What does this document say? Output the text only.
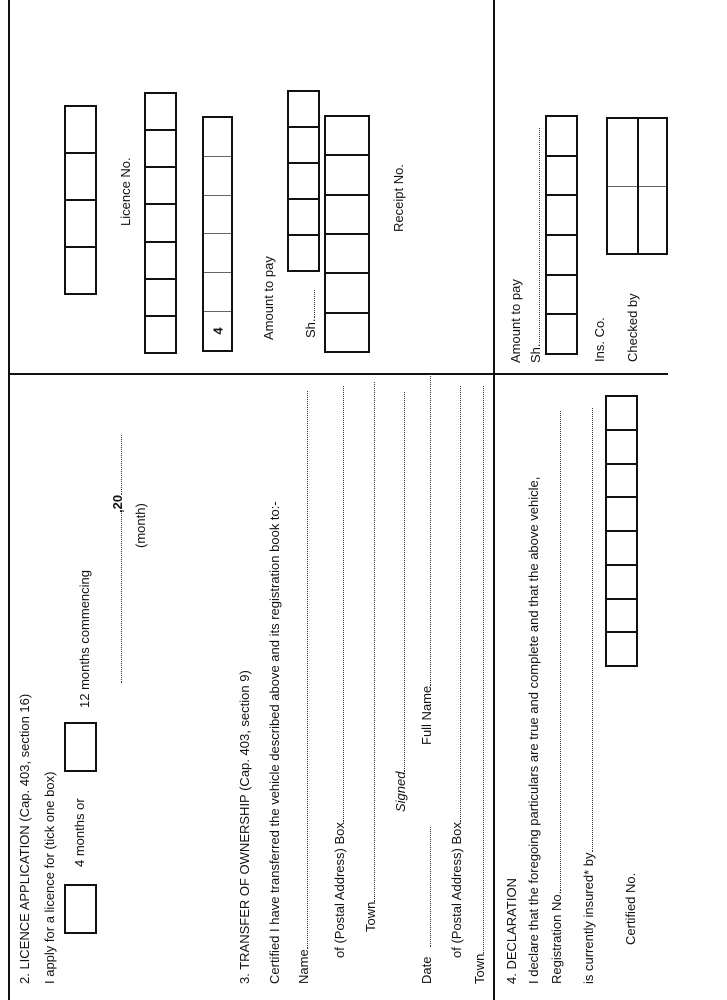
2. LICENCE APPLICATION (Cap. 403, section 16) I apply for a licence for (tick one box) 4 months or
12 months commencing
,20 (month)
3. TRANSFER OF OWNERSHIP (Cap. 403, section 9) Certified I have transferred the vehicle described above and its registration book to:- Name
of (Postal Address) Box Town
Signed
Full Name
Date
of (Postal Address) Box
Town 4. DECLARATION I declare that the foregoing particulars are true and complete and that the above vehicle, Registration No. is currently insured* by Certified No.
Amount to pay Sh.
Licence No.
4	Amount to pay Sh.
Receipt No.
Ins. Co. Checked by
